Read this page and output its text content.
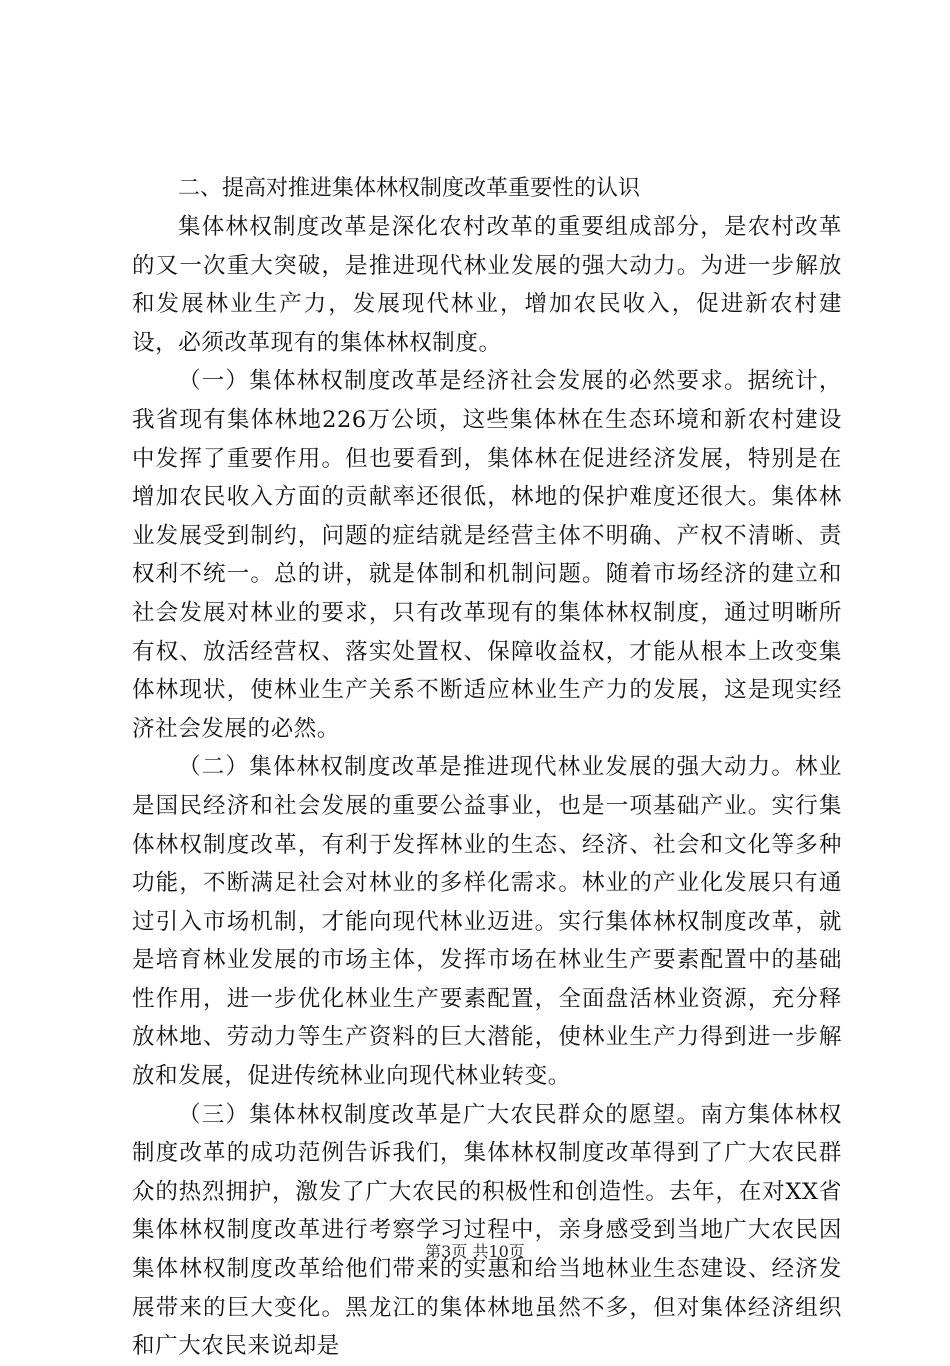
二、提高对推进集体林权制度改革重要性的认识

集体林权制度改革是深化农村改革的重要组成部分，是农村改革的又一次重大突破，是推进现代林业发展的强大动力。为进一步解放和发展林业生产力，发展现代林业，增加农民收入，促进新农村建设，必须改革现有的集体林权制度。

（一）集体林权制度改革是经济社会发展的必然要求。据统计，我省现有集体林地226万公顷，这些集体林在生态环境和新农村建设中发挥了重要作用。但也要看到，集体林在促进经济发展，特别是在增加农民收入方面的贡献率还很低，林地的保护难度还很大。集体林业发展受到制约，问题的症结就是经营主体不明确、产权不清晰、责权利不统一。总的讲，就是体制和机制问题。随着市场经济的建立和社会发展对林业的要求，只有改革现有的集体林权制度，通过明晰所有权、放活经营权、落实处置权、保障收益权，才能从根本上改变集体林现状，使林业生产关系不断适应林业生产力的发展，这是现实经济社会发展的必然。

（二）集体林权制度改革是推进现代林业发展的强大动力。林业是国民经济和社会发展的重要公益事业，也是一项基础产业。实行集体林权制度改革，有利于发挥林业的生态、经济、社会和文化等多种功能，不断满足社会对林业的多样化需求。林业的产业化发展只有通过引入市场机制，才能向现代林业迈进。实行集体林权制度改革，就是培育林业发展的市场主体，发挥市场在林业生产要素配置中的基础性作用，进一步优化林业生产要素配置，全面盘活林业资源，充分释放林地、劳动力等生产资料的巨大潜能，使林业生产力得到进一步解放和发展，促进传统林业向现代林业转变。

（三）集体林权制度改革是广大农民群众的愿望。南方集体林权制度改革的成功范例告诉我们，集体林权制度改革得到了广大农民群众的热烈拥护，激发了广大农民的积极性和创造性。去年，在对XX省集体林权制度改革进行考察学习过程中，亲身感受到当地广大农民因集体林权制度改革给他们带来的实惠和给当地林业生态建设、经济发展带来的巨大变化。黑龙江的集体林地虽然不多，但对集体经济组织和广大农民来说却是

第3页 共10页
